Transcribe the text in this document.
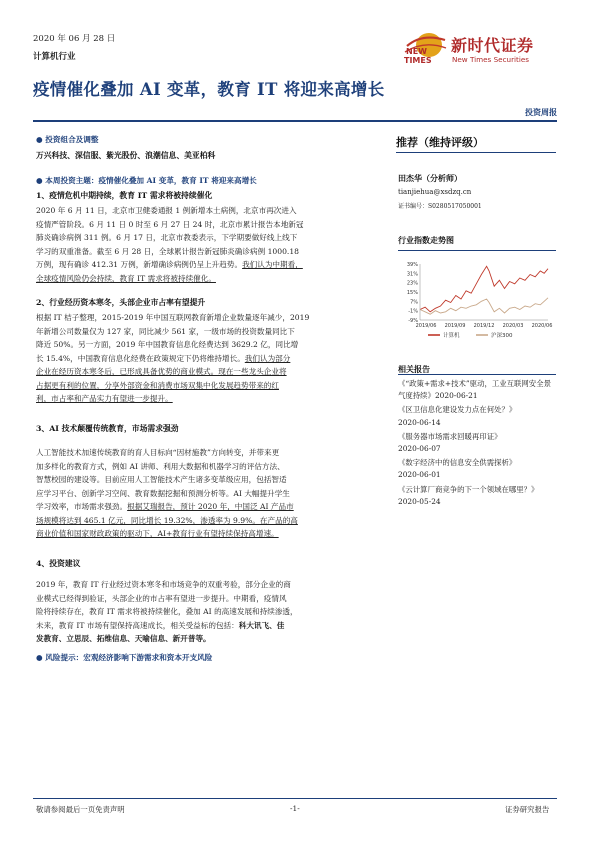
2020 年 06 月 28 日
计算机行业
NEW
TIMES
新时代证券
New Times Securities
疫情催化叠加 AI 变革，教育 IT 将迎来高增长
投资周报
● 投资组合及调整
万兴科技、深信服、紫光股份、浪潮信息、美亚柏科
● 本周投资主题：疫情催化叠加 AI 变革，教育 IT 将迎来高增长
1、疫情危机中期持续，教育 IT 需求将被持续催化
2020 年 6 月 11 日，北京市卫健委通报 1 例新增本土病例，北京市再次进入
疫情严管阶段。6 月 11 日 0 时至 6 月 27 日 24 时，北京市累计报告本地新冠
肺炎确诊病例 311 例。6 月 17 日，北京市教委表示，下学期要做好线上线下
学习的双重准备。截至 6 月 28 日，全球累计报告新冠肺炎确诊病例 1000.18
万例，现有确诊 412.31 万例，新增确诊病例仍呈上升趋势。我们认为中期看，
全球疫情风险仍会持续，教育 IT 需求将被持续催化。
2、行业经历资本寒冬，头部企业市占率有望提升
根据 IT 桔子整理，2015-2019 年中国互联网教育新增企业数量逐年减少，2019
年新增公司数量仅为 127 家，同比减少 561 家，一级市场的投资数量同比下
降近 50%。另一方面，2019 年中国教育信息化经费达到 3629.2 亿，同比增
长 15.4%，中国教育信息化经费在政策规定下仍将维持增长。我们认为部分
企业在经历资本寒冬后，已形成具备优势的商业模式。现在一些龙头企业将
占据更有利的位置，分享外部资金和消费市场双集中化发展趋势带来的红
利，市占率和产品实力有望进一步提升。
3、AI 技术颠覆传统教育，市场需求强劲
人工智能技术加速传统教育的育人目标向“因材施教”方向转变，并带来更
加多样化的教育方式，例如 AI 讲师、利用大数据和机器学习的评估方法、
智慧校园的建设等。目前应用人工智能技术产生诸多变革级应用，包括智适
应学习平台、创新学习空间、教育数据挖掘和预测分析等。AI 大幅提升学生
学习效率，市场需求强劲。根据艾瑞报告，预计 2020 年，中国泛 AI 产品市
场规模将达到 465.1 亿元，同比增长 19.32%，渗透率为 9.9%。在产品的高
商业价值和国家财政政策的驱动下，AI+教育行业有望持续保持高增速。
4、投资建议
2019 年，教育 IT 行业经过资本寒冬和市场竞争的双重考验，部分企业的商
业模式已经得到验证，头部企业的市占率有望进一步提升。中期看，疫情风
险将持续存在，教育 IT 需求将被持续催化，叠加 AI 的高速发展和持续渗透，
未来，教育 IT 市场有望保持高速成长，相关受益标的包括：科大讯飞、佳
发教育、立思辰、拓维信息、天喻信息、新开普等。
● 风险提示：宏观经济影响下游需求和资本开支风险
推荐（维持评级）
田杰华（分析师）
tianjiehua@xsdzq.cn
证书编号：S0280517050001
行业指数走势图
39%
31%
23%
15%
7%
-1%
-9%
2019/06 2019/09 2019/12 2020/03 2020/06
计算机	沪深300
相关报告
《“政策+需求+技术”驱动，工业互联网安全景气度持续》2020-06-21
《区卫信息化建设发力点在何处？》
2020-06-14
《服务器市场需求回暖再印证》
2020-06-07
《数字经济中的信息安全供需探析》
2020-06-01
《云计算厂商竞争的下一个领域在哪里？》2020-05-24
敬请参阅最后一页免责声明	-1-	证券研究报告
